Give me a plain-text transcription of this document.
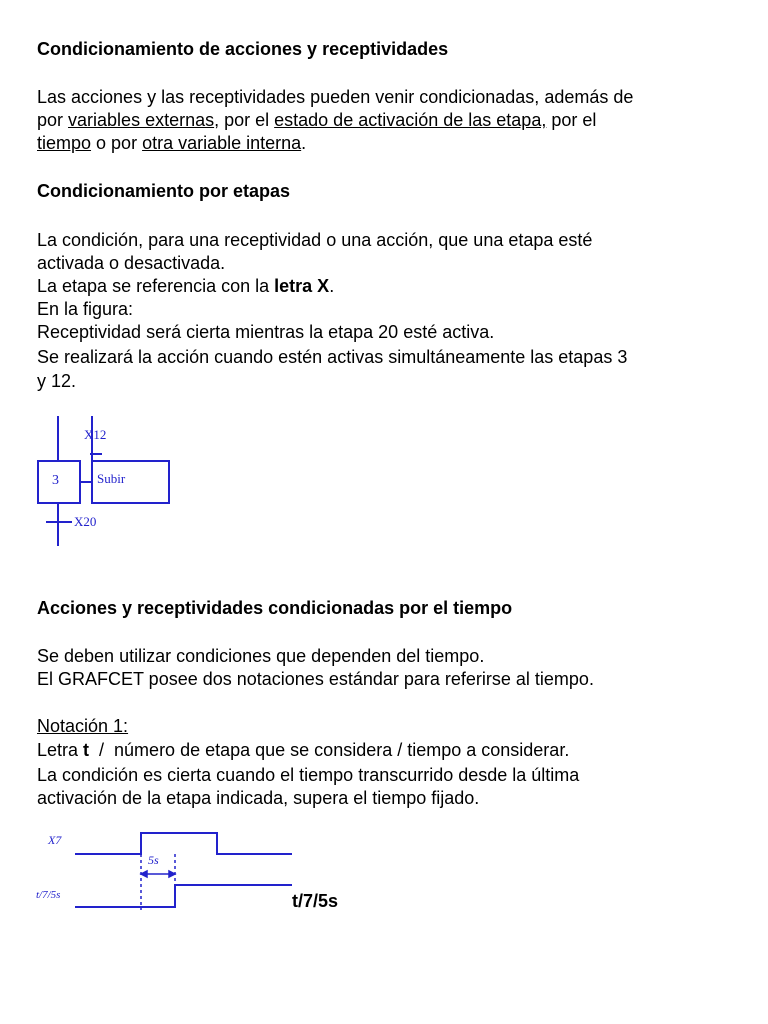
Condicionamiento de acciones y receptividades
Las acciones y las receptividades pueden venir condicionadas, además de
por variables externas, por el estado de activación de las etapa, por el
tiempo o por otra variable interna.
Condicionamiento por etapas
La condición, para una receptividad o una acción, que una etapa esté
activada o desactivada.
La etapa se referencia con la letra X.
En la figura:
Receptividad será cierta mientras la etapa 20 esté activa.
Se realizará la acción cuando estén activas simultáneamente las etapas 3
y 12.
3	Subir
X12
X20
Acciones y receptividades condicionadas por el tiempo
Se deben utilizar condiciones que dependen del tiempo.
El GRAFCET posee dos notaciones estándar para referirse al tiempo.
Notación 1:
Letra t  /  número de etapa que se considera / tiempo a considerar.
La condición es cierta cuando el tiempo transcurrido desde la última
activación de la etapa indicada, supera el tiempo fijado.
X7
t/7/5s
5s
t/7/5s
